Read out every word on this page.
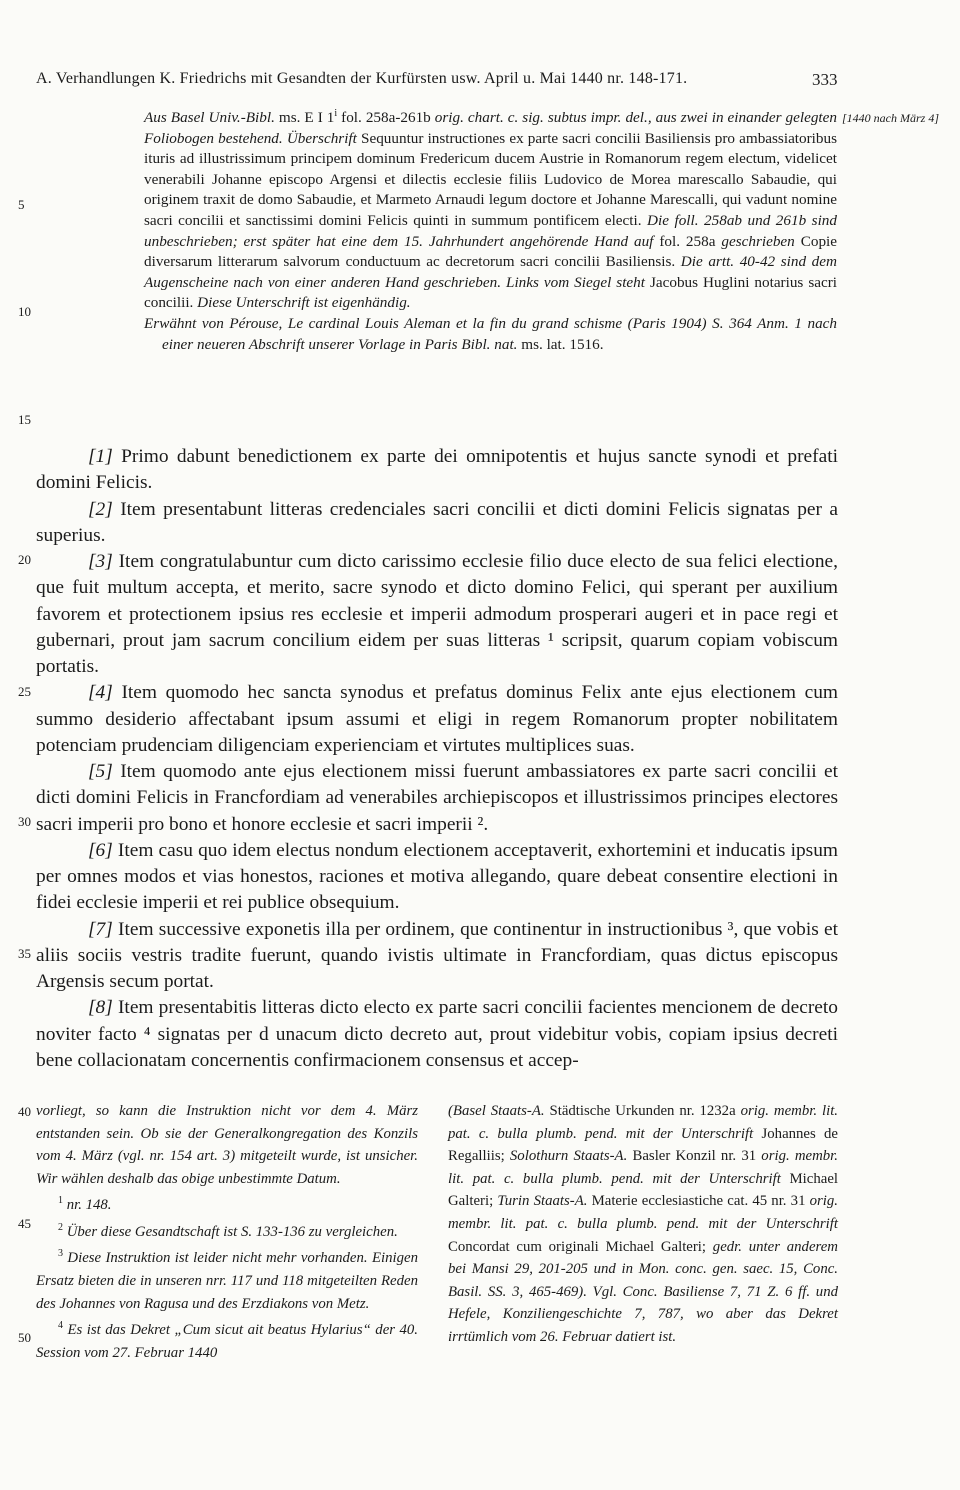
A. Verhandlungen K. Friedrichs mit Gesandten der Kurfürsten usw. April u. Mai 1440 nr. 148-171.	333
5
10
15
20
25
30
35
40
45
50
[1440 nach März 4]

Aus Basel Univ.-Bibl. ms. E I 1$^i$ fol. 258a-261b orig. chart. c. sig. subtus impr. del., aus zwei in einander gelegten Foliobogen bestehend. Überschrift Sequuntur instructiones ex parte sacri concilii Basiliensis pro ambassiatoribus ituris ad illustrissimum principem dominum Fredericum ducem Austrie in Romanorum regem electum, videlicet venerabili Johanne episcopo Argensi et dilectis ecclesie filiis Ludovico de Morea marescallo Sabaudie, qui originem traxit de domo Sabaudie, et Marmeto Arnaudi legum doctore et Johanne Marescalli, qui vadunt nomine sacri concilii et sanctissimi domini Felicis quinti in summum pontificem electi. Die foll. 258ab und 261b sind unbeschrieben; erst später hat eine dem 15. Jahrhundert angehörende Hand auf fol. 258a geschrieben Copie diversarum litterarum salvorum conductuum ac decretorum sacri concilii Basiliensis. Die artt. 40-42 sind dem Augenscheine nach von einer anderen Hand geschrieben. Links vom Siegel steht Jacobus Huglini notarius sacri concilii. Diese Unterschrift ist eigenhändig.

Erwähnt von Pérouse, Le cardinal Louis Aleman et la fin du grand schisme (Paris 1904) S. 364 Anm. 1 nach einer neueren Abschrift unserer Vorlage in Paris Bibl. nat. ms. lat. 1516.

[1] Primo dabunt benedictionem ex parte dei omnipotentis et hujus sancte synodi et prefati domini Felicis.

[2] Item presentabunt litteras credenciales sacri concilii et dicti domini Felicis signatas per a superius.

[3] Item congratulabuntur cum dicto carissimo ecclesie filio duce electo de sua felici electione, que fuit multum accepta, et merito, sacre synodo et dicto domino Felici, qui sperant per auxilium favorem et protectionem ipsius res ecclesie et imperii admodum prosperari augeri et in pace regi et gubernari, prout jam sacrum concilium eidem per suas litteras ¹ scripsit, quarum copiam vobiscum portatis.

[4] Item quomodo hec sancta synodus et prefatus dominus Felix ante ejus electionem cum summo desiderio affectabant ipsum assumi et eligi in regem Romanorum propter nobilitatem potenciam prudenciam diligenciam experienciam et virtutes multiplices suas.

[5] Item quomodo ante ejus electionem missi fuerunt ambassiatores ex parte sacri concilii et dicti domini Felicis in Francfordiam ad venerabiles archiepiscopos et illustrissimos principes electores sacri imperii pro bono et honore ecclesie et sacri imperii ².

[6] Item casu quo idem electus nondum electionem acceptaverit, exhortemini et inducatis ipsum per omnes modos et vias honestos, raciones et motiva allegando, quare debeat consentire electioni in fidei ecclesie imperii et rei publice obsequium.

[7] Item successive exponetis illa per ordinem, que continentur in instructionibus ³, que vobis et aliis sociis vestris tradite fuerunt, quando ivistis ultimate in Francfordiam, quas dictus episcopus Argensis secum portat.

[8] Item presentabitis litteras dicto electo ex parte sacri concilii facientes mencionem de decreto noviter facto ⁴ signatas per d unacum dicto decreto aut, prout videbitur vobis, copiam ipsius decreti bene collacionatam concernentis confirmacionem consensus et accep-

vorliegt, so kann die Instruktion nicht vor dem 4. März entstanden sein. Ob sie der Generalkongregation des Konzils vom 4. März (vgl. nr. 154 art. 3) mitgeteilt wurde, ist unsicher. Wir wählen deshalb das obige unbestimmte Datum.

$^1$ nr. 148.

$^2$ Über diese Gesandtschaft ist S. 133-136 zu vergleichen.

$^3$ Diese Instruktion ist leider nicht mehr vorhanden. Einigen Ersatz bieten die in unseren nrr. 117 und 118 mitgeteilten Reden des Johannes von Ragusa und des Erzdiakons von Metz.

$^4$ Es ist das Dekret „Cum sicut ait beatus Hylarius“ der 40. Session vom 27. Februar 1440

(Basel Staats-A. Städtische Urkunden nr. 1232a orig. membr. lit. pat. c. bulla plumb. pend. mit der Unterschrift Johannes de Regalliis; Solothurn Staats-A. Basler Konzil nr. 31 orig. membr. lit. pat. c. bulla plumb. pend. mit der Unterschrift Michael Galteri; Turin Staats-A. Materie ecclesiastiche cat. 45 nr. 31 orig. membr. lit. pat. c. bulla plumb. pend. mit der Unterschrift Concordat cum originali Michael Galteri; gedr. unter anderem bei Mansi 29, 201-205 und in Mon. conc. gen. saec. 15, Conc. Basil. SS. 3, 465-469). Vgl. Conc. Basiliense 7, 71 Z. 6 ff. und Hefele, Konziliengeschichte 7, 787, wo aber das Dekret irrtümlich vom 26. Februar datiert ist.
